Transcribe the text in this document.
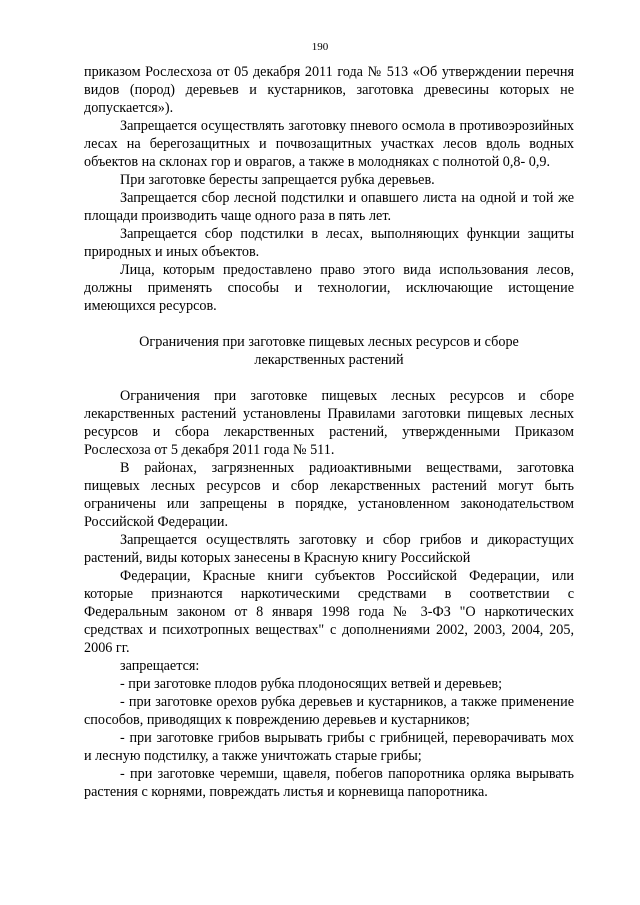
190

приказом Рослесхоза от 05 декабря 2011 года № 513 «Об утверждении перечня видов (пород) деревьев и кустарников, заготовка древесины которых не допускается»).

Запрещается осуществлять заготовку пневого осмола в противоэрозийных лесах на берегозащитных и почвозащитных участках лесов вдоль водных объектов на склонах гор и оврагов, а также в молодняках с полнотой 0,8- 0,9.

При заготовке бересты запрещается рубка деревьев.

Запрещается сбор лесной подстилки и опавшего листа на одной и той же площади производить чаще одного раза в пять лет.

Запрещается сбор подстилки в лесах, выполняющих функции защиты природных и иных объектов.

Лица, которым предоставлено право этого вида использования лесов, должны применять способы и технологии, исключающие истощение имеющихся ресурсов.

Ограничения при заготовке пищевых лесных ресурсов и сборе лекарственных растений

Ограничения при заготовке пищевых лесных ресурсов и сборе лекарственных растений установлены Правилами заготовки пищевых лесных ресурсов и сбора лекарственных растений, утвержденными Приказом Рослесхоза от 5 декабря 2011 года № 511.

В районах, загрязненных радиоактивными веществами, заготовка пищевых лесных ресурсов и сбор лекарственных растений могут быть ограничены или запрещены в порядке, установленном законодательством Российской Федерации.

Запрещается осуществлять заготовку и сбор грибов и дикорастущих растений, виды которых занесены в Красную книгу Российской

Федерации, Красные книги субъектов Российской Федерации, или которые признаются наркотическими средствами в соответствии с Федеральным законом от 8 января 1998 года № 3-ФЗ "О наркотических средствах и психотропных веществах" с дополнениями 2002, 2003, 2004, 205, 2006 гг.

запрещается:

- при заготовке плодов рубка плодоносящих ветвей и деревьев;

- при заготовке орехов рубка деревьев и кустарников, а также применение способов, приводящих к повреждению деревьев и кустарников;

- при заготовке грибов вырывать грибы с грибницей, переворачивать мох и лесную подстилку, а также уничтожать старые грибы;

- при заготовке черемши, щавеля, побегов папоротника орляка вырывать растения с корнями, повреждать листья и корневища папоротника.
